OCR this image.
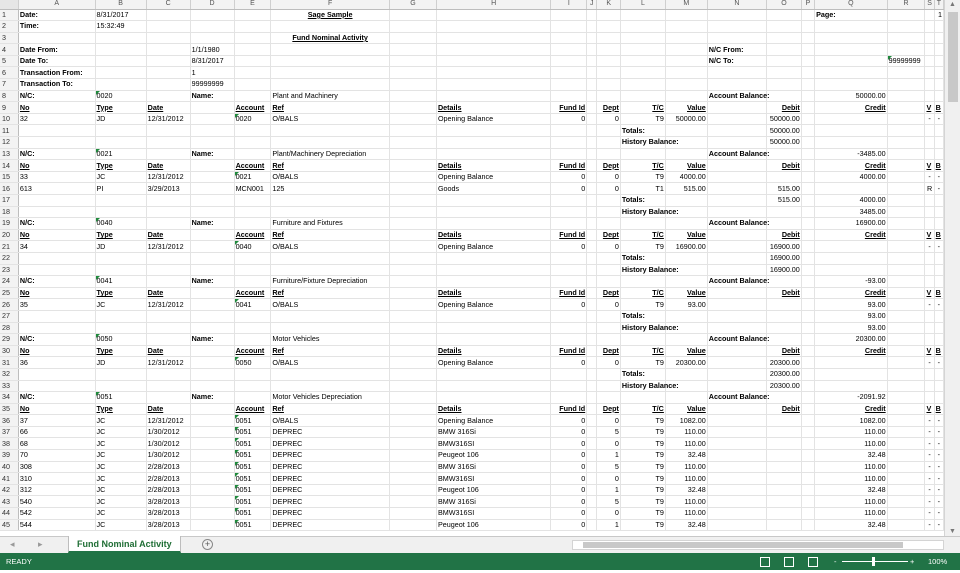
	A	B	C	D	E	F	G	H	I	J	K	L	M	N	O	P	Q	R	S	T
1	Date:	8/31/2017				Sage Sample											Page:			1
2	Time:	15:32:49																		
3						Fund Nominal Activity														
4	Date From:			1/1/1980										N/C From:						
5	Date To:			8/31/2017										N/C To:				99999999		
6	Transaction From:			1																
7	Transaction To:			99999999																
8	N/C:	0020		Name:		Plant and Machinery								Account Balance:			50000.00			
9	No	Type	Date		Account	Ref		Details	Fund Id		Dept	T/C	Value		Debit		Credit		V	B
10	32	JD	12/31/2012		0020	O/BALS		Opening Balance	0		0	T9	50000.00		50000.00				-	-
11												Totals:			50000.00					
12												History Balance:			50000.00					
13	N/C:	0021		Name:		Plant/Machinery Depreciation								Account Balance:			-3485.00			
14	No	Type	Date		Account	Ref		Details	Fund Id		Dept	T/C	Value		Debit		Credit		V	B
15	33	JC	12/31/2012		0021	O/BALS		Opening Balance	0		0	T9	4000.00				4000.00		-	-
16	613	PI	3/29/2013		MCN001	125		Goods	0		0	T1	515.00		515.00				R	-
17												Totals:			515.00		4000.00			
18												History Balance:					3485.00			
19	N/C:	0040		Name:		Furniture and Fixtures								Account Balance:			16900.00			
20	No	Type	Date		Account	Ref		Details	Fund Id		Dept	T/C	Value		Debit		Credit		V	B
21	34	JD	12/31/2012		0040	O/BALS		Opening Balance	0		0	T9	16900.00		16900.00				-	-
22												Totals:			16900.00					
23												History Balance:			16900.00					
24	N/C:	0041		Name:		Furniture/Fixture Depreciation								Account Balance:			-93.00			
25	No	Type	Date		Account	Ref		Details	Fund Id		Dept	T/C	Value		Debit		Credit		V	B
26	35	JC	12/31/2012		0041	O/BALS		Opening Balance	0		0	T9	93.00				93.00		-	-
27												Totals:					93.00			
28												History Balance:					93.00			
29	N/C:	0050		Name:		Motor Vehicles								Account Balance:			20300.00			
30	No	Type	Date		Account	Ref		Details	Fund Id		Dept	T/C	Value		Debit		Credit		V	B
31	36	JD	12/31/2012		0050	O/BALS		Opening Balance	0		0	T9	20300.00		20300.00				-	-
32												Totals:			20300.00					
33												History Balance:			20300.00					
34	N/C:	0051		Name:		Motor Vehicles Depreciation								Account Balance:			-2091.92			
35	No	Type	Date		Account	Ref		Details	Fund Id		Dept	T/C	Value		Debit		Credit		V	B
36	37	JC	12/31/2012		0051	O/BALS		Opening Balance	0		0	T9	1082.00				1082.00		-	-
37	66	JC	1/30/2012		0051	DEPREC		BMW 316Si	0		5	T9	110.00				110.00		-	-
38	68	JC	1/30/2012		0051	DEPREC		BMW316SI	0		0	T9	110.00				110.00		-	-
39	70	JC	1/30/2012		0051	DEPREC		Peugeot 106	0		1	T9	32.48				32.48		-	-
40	308	JC	2/28/2013		0051	DEPREC		BMW 316Si	0		5	T9	110.00				110.00		-	-
41	310	JC	2/28/2013		0051	DEPREC		BMW316SI	0		0	T9	110.00				110.00		-	-
42	312	JC	2/28/2013		0051	DEPREC		Peugeot 106	0		1	T9	32.48				32.48		-	-
43	540	JC	3/28/2013		0051	DEPREC		BMW 316Si	0		5	T9	110.00				110.00		-	-
44	542	JC	3/28/2013		0051	DEPREC		BMW316SI	0		0	T9	110.00				110.00		-	-
45	544	JC	3/28/2013		0051	DEPREC		Peugeot 106	0		1	T9	32.48				32.48		-	-
▲
▼
◂	▸	Fund Nominal Activity	+
READY	-	+ 100%
